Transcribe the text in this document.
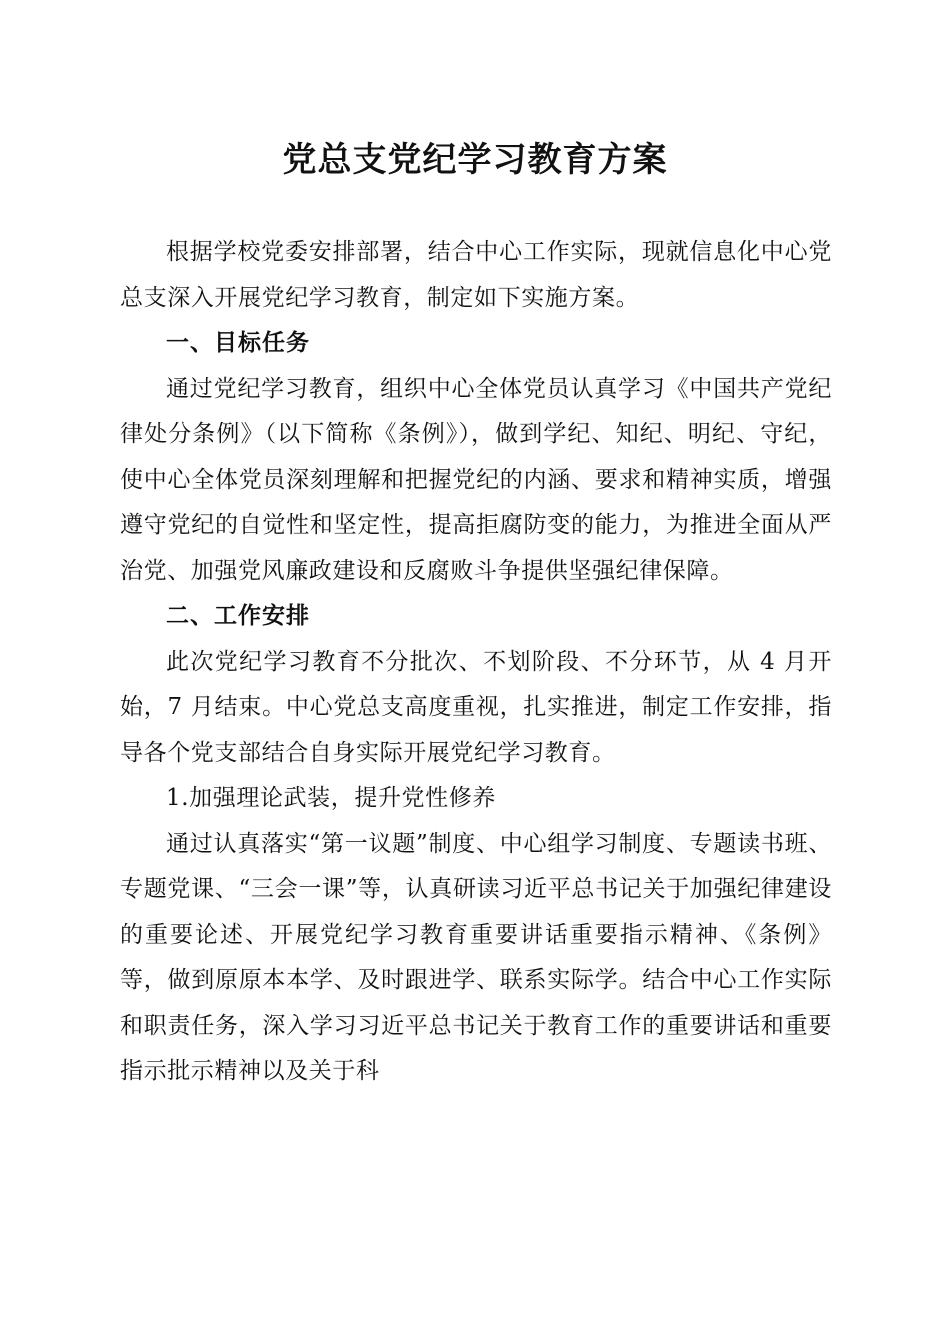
党总支党纪学习教育方案

根据学校党委安排部署，结合中心工作实际，现就信息化中心党总支深入开展党纪学习教育，制定如下实施方案。

一、目标任务

通过党纪学习教育，组织中心全体党员认真学习《中国共产党纪律处分条例》（以下简称《条例》），做到学纪、知纪、明纪、守纪，使中心全体党员深刻理解和把握党纪的内涵、要求和精神实质，增强遵守党纪的自觉性和坚定性，提高拒腐防变的能力，为推进全面从严治党、加强党风廉政建设和反腐败斗争提供坚强纪律保障。

二、工作安排

此次党纪学习教育不分批次、不划阶段、不分环节，从 4 月开始，7 月结束。中心党总支高度重视，扎实推进，制定工作安排，指导各个党支部结合自身实际开展党纪学习教育。

1.加强理论武装，提升党性修养

通过认真落实“第一议题”制度、中心组学习制度、专题读书班、专题党课、“三会一课”等，认真研读习近平总书记关于加强纪律建设的重要论述、开展党纪学习教育重要讲话重要指示精神、《条例》等，做到原原本本学、及时跟进学、联系实际学。结合中心工作实际和职责任务，深入学习习近平总书记关于教育工作的重要讲话和重要指示批示精神以及关于科
